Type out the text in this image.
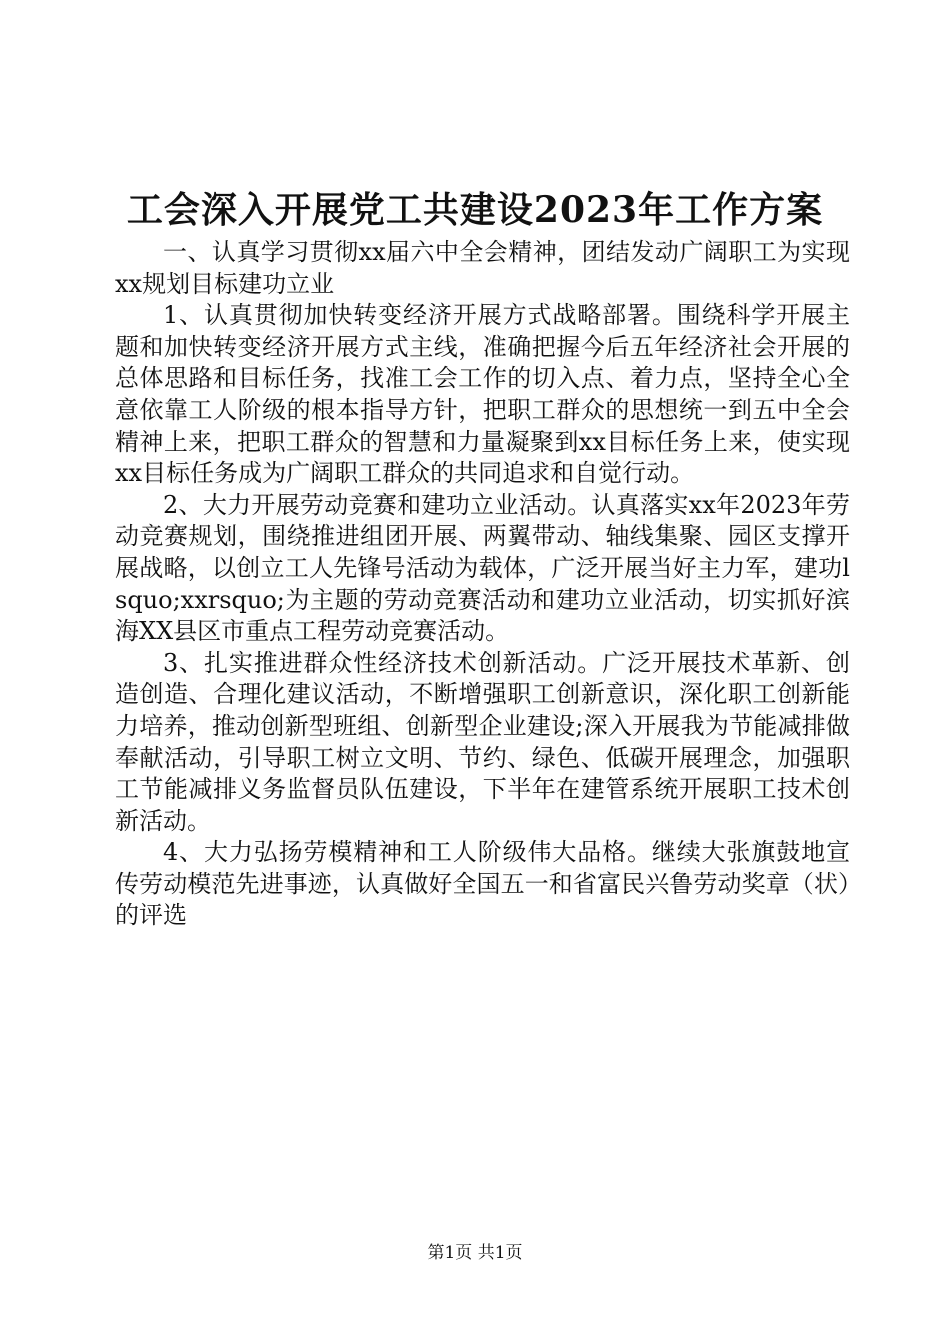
工会深入开展党工共建设2023年工作方案

一、认真学习贯彻xx届六中全会精神，团结发动广阔职工为实现xx规划目标建功立业

1、认真贯彻加快转变经济开展方式战略部署。围绕科学开展主题和加快转变经济开展方式主线，准确把握今后五年经济社会开展的总体思路和目标任务，找准工会工作的切入点、着力点，坚持全心全意依靠工人阶级的根本指导方针，把职工群众的思想统一到五中全会精神上来，把职工群众的智慧和力量凝聚到xx目标任务上来，使实现xx目标任务成为广阔职工群众的共同追求和自觉行动。

2、大力开展劳动竞赛和建功立业活动。认真落实xx年2023年劳动竞赛规划，围绕推进组团开展、两翼带动、轴线集聚、园区支撑开展战略，以创立工人先锋号活动为载体，广泛开展当好主力军，建功lsquo;xxrsquo;为主题的劳动竞赛活动和建功立业活动，切实抓好滨海XX县区市重点工程劳动竞赛活动。

3、扎实推进群众性经济技术创新活动。广泛开展技术革新、创造创造、合理化建议活动，不断增强职工创新意识，深化职工创新能力培养，推动创新型班组、创新型企业建设;深入开展我为节能减排做奉献活动，引导职工树立文明、节约、绿色、低碳开展理念，加强职工节能减排义务监督员队伍建设，下半年在建管系统开展职工技术创新活动。

4、大力弘扬劳模精神和工人阶级伟大品格。继续大张旗鼓地宣传劳动模范先进事迹，认真做好全国五一和省富民兴鲁劳动奖章（状）的评选

第1页 共1页
